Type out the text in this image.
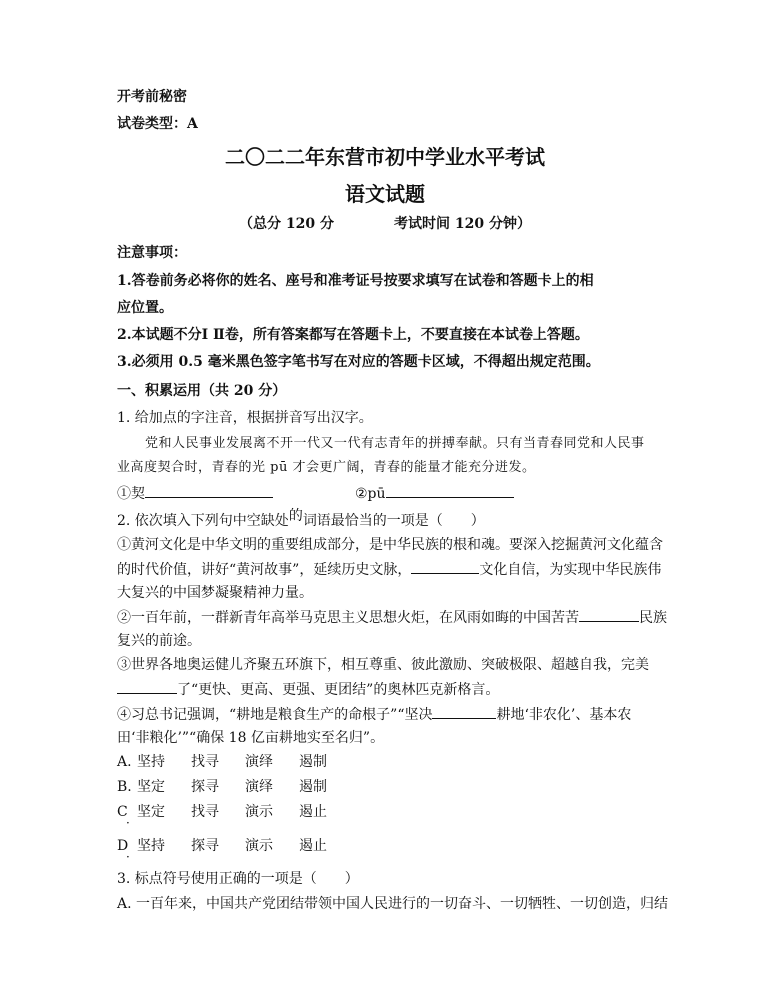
开考前秘密
试卷类型：A
二〇二二年东营市初中学业水平考试
语文试题
（总分 120 分	考试时间 120 分钟）
注意事项：
1.答卷前务必将你的姓名、座号和准考证号按要求填写在试卷和答题卡上的相
应位置。
2.本试题不分Ⅰ Ⅱ卷，所有答案都写在答题卡上，不要直接在本试卷上答题。
3.必须用 0.5 毫米黑色签字笔书写在对应的答题卡区域，不得超出规定范围。
一、积累运用（共 20 分）
1. 给加点的字注音，根据拼音写出汉字。
党和人民事业发展离不开一代又一代有志青年的拼搏奉献。只有当青春同党和人民事
业高度契合时，青春的光 pū 才会更广阔，青春的能量才能充分迸发。
①契	②pū
2. 依次填入下列句中空缺处的词语最恰当的一项是（　　）
①黄河文化是中华文明的重要组成部分，是中华民族的根和魂。要深入挖掘黄河文化蕴含
的时代价值，讲好“黄河故事”，延续历史文脉，	文化自信，为实现中华民族伟
大复兴的中国梦凝聚精神力量。
②一百年前，一群新青年高举马克思主义思想火炬，在风雨如晦的中国苦苦	民族
复兴的前途。
③世界各地奥运健儿齐聚五环旗下，相互尊重、彼此激励、突破极限、超越自我，完美
了“更快、更高、更强、更团结”的奥林匹克新格言。
④习总书记强调，“耕地是粮食生产的命根子”“坚决	耕地‘非农化’、基本农
田‘非粮化’”“确保 18 亿亩耕地实至名归”。
A. 坚持 找寻 演绎 遏制
B. 坚定 探寻 演绎 遏制
C 坚定 找寻 演示 遏止
·
D 坚持 探寻 演示 遏止
·
3. 标点符号使用正确的一项是（　　）
A. 一百年来，中国共产党团结带领中国人民进行的一切奋斗、一切牺牲、一切创造，归结
